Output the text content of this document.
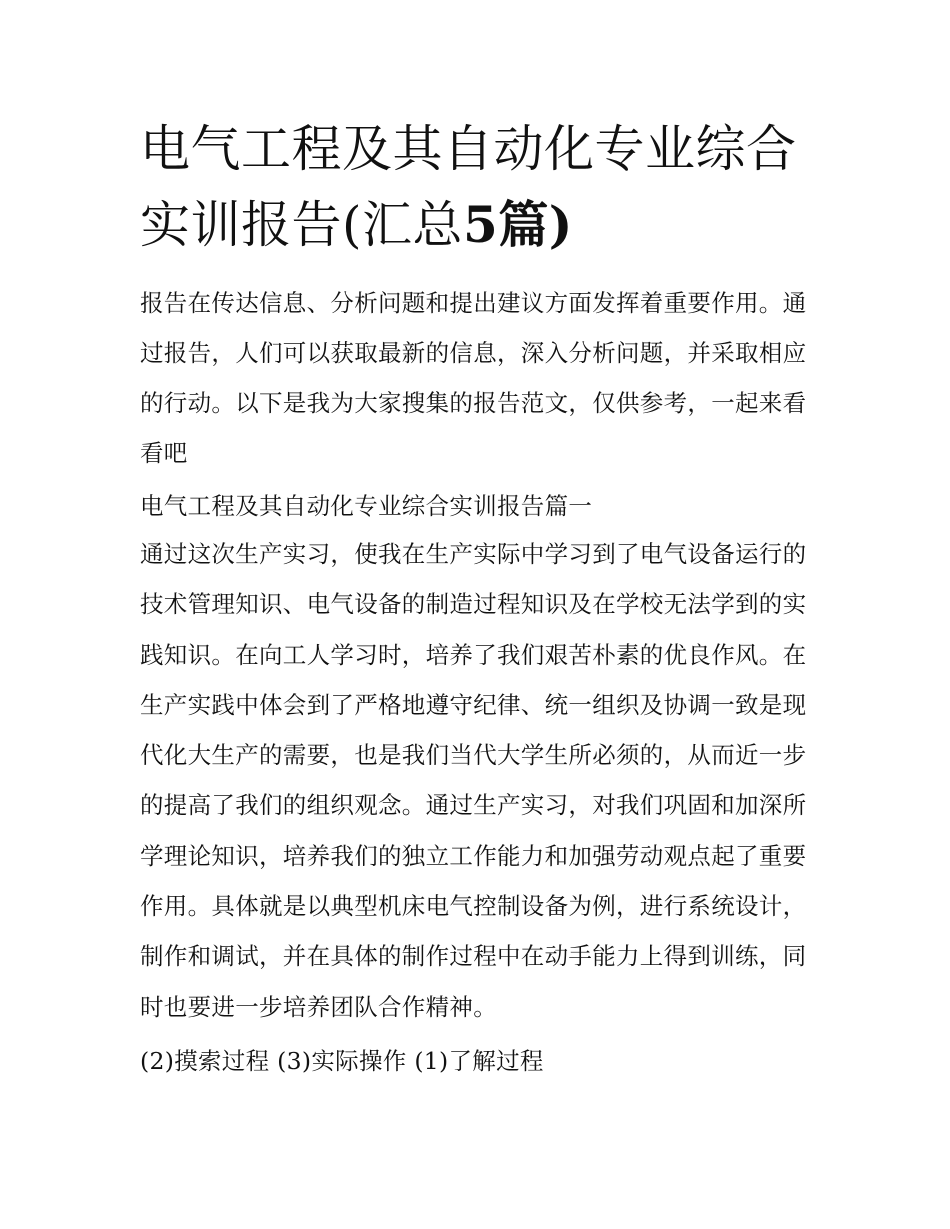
电气工程及其自动化专业综合实训报告(汇总5篇)

报告在传达信息、分析问题和提出建议方面发挥着重要作用。通过报告，人们可以获取最新的信息，深入分析问题，并采取相应的行动。以下是我为大家搜集的报告范文，仅供参考，一起来看看吧

电气工程及其自动化专业综合实训报告篇一

通过这次生产实习，使我在生产实际中学习到了电气设备运行的技术管理知识、电气设备的制造过程知识及在学校无法学到的实践知识。在向工人学习时，培养了我们艰苦朴素的优良作风。在生产实践中体会到了严格地遵守纪律、统一组织及协调一致是现代化大生产的需要，也是我们当代大学生所必须的，从而近一步的提高了我们的组织观念。通过生产实习，对我们巩固和加深所学理论知识，培养我们的独立工作能力和加强劳动观点起了重要作用。具体就是以典型机床电气控制设备为例，进行系统设计，制作和调试，并在具体的制作过程中在动手能力上得到训练，同时也要进一步培养团队合作精神。

(2)摸索过程 (3)实际操作 (1)了解过程
